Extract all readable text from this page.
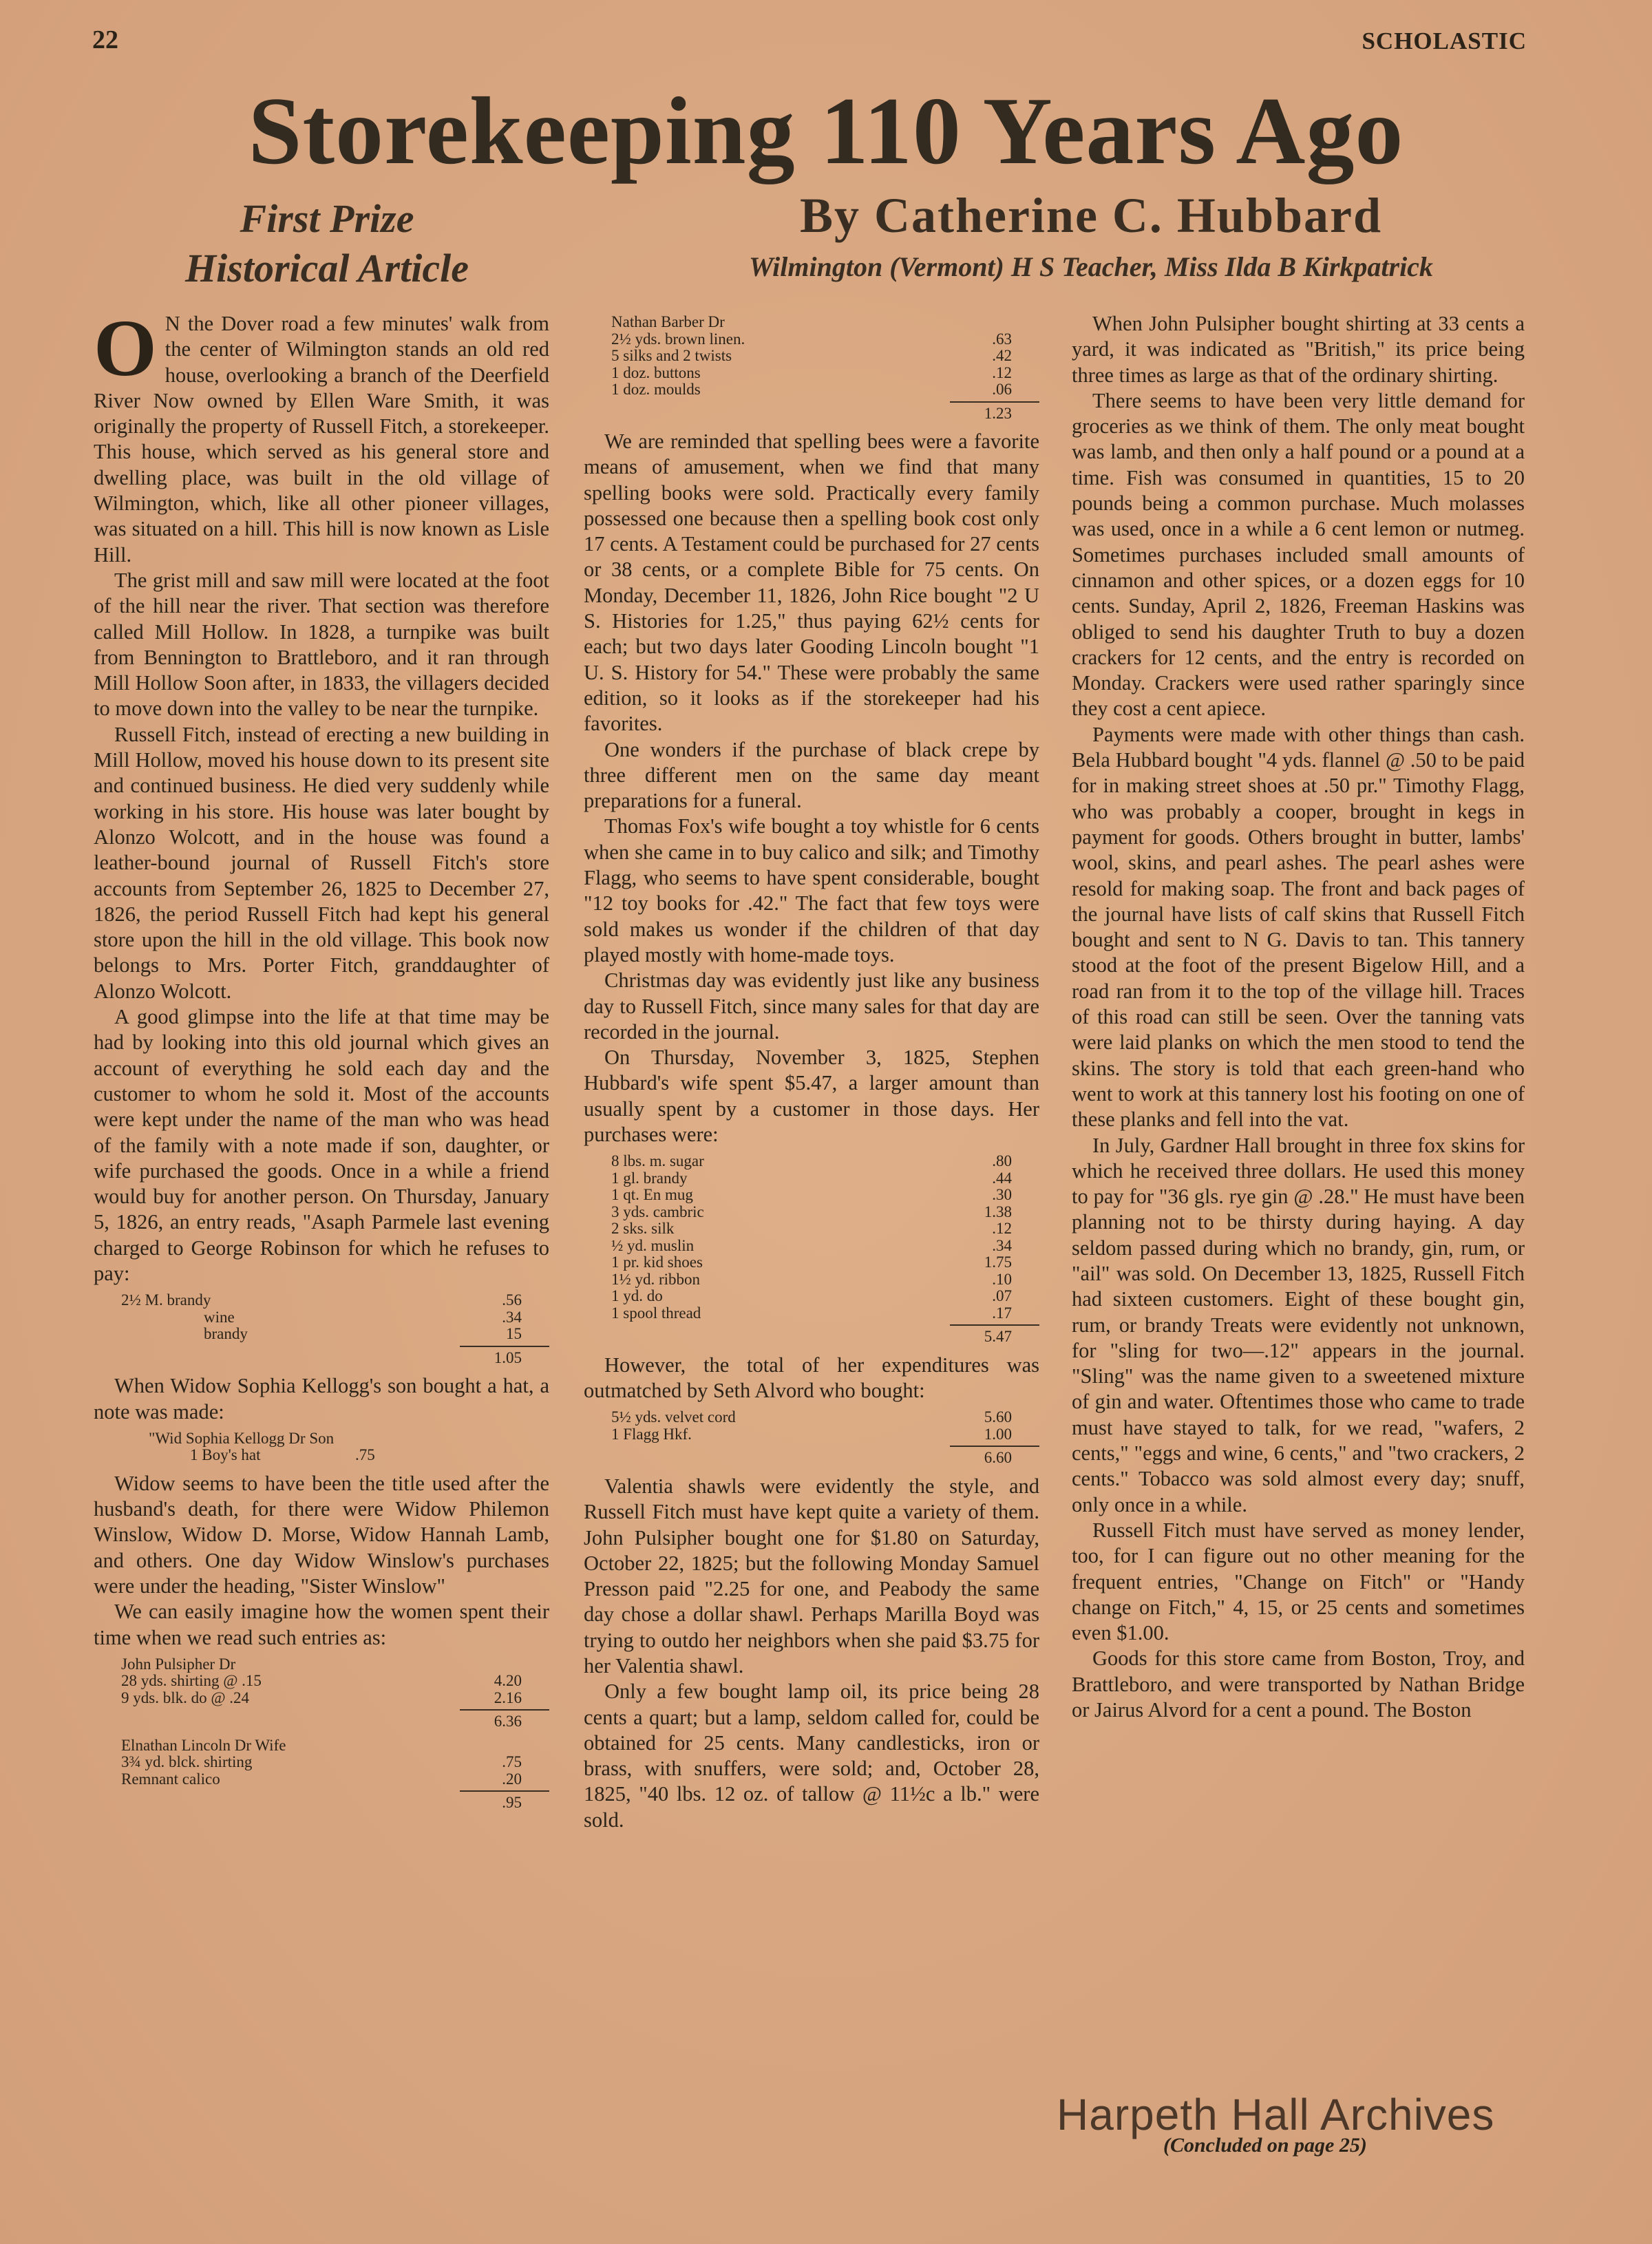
22	SCHOLASTIC
Storekeeping 110 Years Ago
First Prize
Historical Article
By Catherine C. Hubbard
Wilmington (Vermont) H S Teacher, Miss Ilda B Kirkpatrick

O N the Dover road a few minutes' walk from the center of Wilmington stands an old red house, overlooking a branch of the Deerfield River Now owned by Ellen Ware Smith, it was originally the property of Russell Fitch, a storekeeper. This house, which served as his general store and dwelling place, was built in the old village of Wilmington, which, like all other pioneer villages, was situated on a hill. This hill is now known as Lisle Hill.

The grist mill and saw mill were located at the foot of the hill near the river. That section was therefore called Mill Hollow. In 1828, a turnpike was built from Bennington to Brattleboro, and it ran through Mill Hollow Soon after, in 1833, the villagers decided to move down into the valley to be near the turnpike.

Russell Fitch, instead of erecting a new building in Mill Hollow, moved his house down to its present site and continued business. He died very suddenly while working in his store. His house was later bought by Alonzo Wolcott, and in the house was found a leather-bound journal of Russell Fitch's store accounts from September 26, 1825 to December 27, 1826, the period Russell Fitch had kept his general store upon the hill in the old village. This book now belongs to Mrs. Porter Fitch, granddaughter of Alonzo Wolcott.

A good glimpse into the life at that time may be had by looking into this old journal which gives an account of everything he sold each day and the customer to whom he sold it. Most of the accounts were kept under the name of the man who was head of the family with a note made if son, daughter, or wife purchased the goods. Once in a while a friend would buy for another person. On Thursday, January 5, 1826, an entry reads, "Asaph Parmele last evening charged to George Robinson for which he refuses to pay:

2½ M. brandy	.56
wine	.34
brandy	15
1.05

When Widow Sophia Kellogg's son bought a hat, a note was made:

"Wid Sophia Kellogg Dr Son
1 Boy's hat	.75

Widow seems to have been the title used after the husband's death, for there were Widow Philemon Winslow, Widow D. Morse, Widow Hannah Lamb, and others. One day Widow Winslow's purchases were under the heading, "Sister Winslow"

We can easily imagine how the women spent their time when we read such entries as:

John Pulsipher Dr
28 yds. shirting @ .15	4.20
9 yds. blk. do @ .24	2.16
6.36
Elnathan Lincoln Dr Wife
3¾ yd. blck. shirting	.75
Remnant calico	.20
.95
Nathan Barber Dr
2½ yds. brown linen.	.63
5 silks and 2 twists	.42
1 doz. buttons	.12
1 doz. moulds	.06
1.23

We are reminded that spelling bees were a favorite means of amusement, when we find that many spelling books were sold. Practically every family possessed one because then a spelling book cost only 17 cents. A Testament could be purchased for 27 cents or 38 cents, or a complete Bible for 75 cents. On Monday, December 11, 1826, John Rice bought "2 U S. Histories for 1.25," thus paying 62½ cents for each; but two days later Gooding Lincoln bought "1 U. S. History for 54." These were probably the same edition, so it looks as if the storekeeper had his favorites.

One wonders if the purchase of black crepe by three different men on the same day meant preparations for a funeral.

Thomas Fox's wife bought a toy whistle for 6 cents when she came in to buy calico and silk; and Timothy Flagg, who seems to have spent considerable, bought "12 toy books for .42." The fact that few toys were sold makes us wonder if the children of that day played mostly with home-made toys.

Christmas day was evidently just like any business day to Russell Fitch, since many sales for that day are recorded in the journal.

On Thursday, November 3, 1825, Stephen Hubbard's wife spent $5.47, a larger amount than usually spent by a customer in those days. Her purchases were:

8 lbs. m. sugar	.80
1 gl. brandy	.44
1 qt. En mug	.30
3 yds. cambric	1.38
2 sks. silk	.12
½ yd. muslin	.34
1 pr. kid shoes	1.75
1½ yd. ribbon	.10
1 yd. do	.07
1 spool thread	.17
5.47

However, the total of her expenditures was outmatched by Seth Alvord who bought:

5½ yds. velvet cord	5.60
1 Flagg Hkf.	1.00
6.60

Valentia shawls were evidently the style, and Russell Fitch must have kept quite a variety of them. John Pulsipher bought one for $1.80 on Saturday, October 22, 1825; but the following Monday Samuel Presson paid "2.25 for one, and Peabody the same day chose a dollar shawl. Perhaps Marilla Boyd was trying to outdo her neighbors when she paid $3.75 for her Valentia shawl.

Only a few bought lamp oil, its price being 28 cents a quart; but a lamp, seldom called for, could be obtained for 25 cents. Many candlesticks, iron or brass, with snuffers, were sold; and, October 28, 1825, "40 lbs. 12 oz. of tallow @ 11½c a lb." were sold.

When John Pulsipher bought shirting at 33 cents a yard, it was indicated as "British," its price being three times as large as that of the ordinary shirting.

There seems to have been very little demand for groceries as we think of them. The only meat bought was lamb, and then only a half pound or a pound at a time. Fish was consumed in quantities, 15 to 20 pounds being a common purchase. Much molasses was used, once in a while a 6 cent lemon or nutmeg. Sometimes purchases included small amounts of cinnamon and other spices, or a dozen eggs for 10 cents. Sunday, April 2, 1826, Freeman Haskins was obliged to send his daughter Truth to buy a dozen crackers for 12 cents, and the entry is recorded on Monday. Crackers were used rather sparingly since they cost a cent apiece.

Payments were made with other things than cash. Bela Hubbard bought "4 yds. flannel @ .50 to be paid for in making street shoes at .50 pr." Timothy Flagg, who was probably a cooper, brought in kegs in payment for goods. Others brought in butter, lambs' wool, skins, and pearl ashes. The pearl ashes were resold for making soap. The front and back pages of the journal have lists of calf skins that Russell Fitch bought and sent to N G. Davis to tan. This tannery stood at the foot of the present Bigelow Hill, and a road ran from it to the top of the village hill. Traces of this road can still be seen. Over the tanning vats were laid planks on which the men stood to tend the skins. The story is told that each green-hand who went to work at this tannery lost his footing on one of these planks and fell into the vat.

In July, Gardner Hall brought in three fox skins for which he received three dollars. He used this money to pay for "36 gls. rye gin @ .28." He must have been planning not to be thirsty during haying. A day seldom passed during which no brandy, gin, rum, or "ail" was sold. On December 13, 1825, Russell Fitch had sixteen customers. Eight of these bought gin, rum, or brandy Treats were evidently not unknown, for "sling for two—.12" appears in the journal. "Sling" was the name given to a sweetened mixture of gin and water. Oftentimes those who came to trade must have stayed to talk, for we read, "wafers, 2 cents," "eggs and wine, 6 cents," and "two crackers, 2 cents." Tobacco was sold almost every day; snuff, only once in a while.

Russell Fitch must have served as money lender, too, for I can figure out no other meaning for the frequent entries, "Change on Fitch" or "Handy change on Fitch," 4, 15, or 25 cents and sometimes even $1.00.

Goods for this store came from Boston, Troy, and Brattleboro, and were transported by Nathan Bridge or Jairus Alvord for a cent a pound. The Boston

Harpeth Hall Archives
(Concluded on page 25)
